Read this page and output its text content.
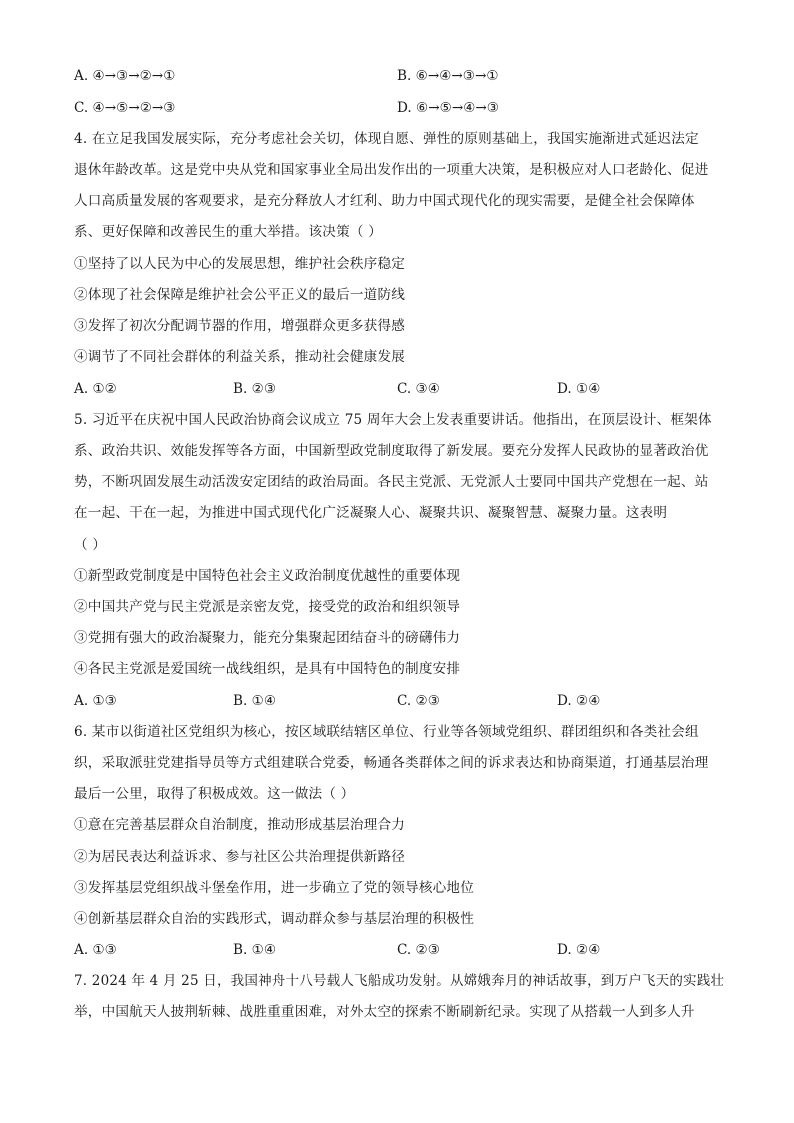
A. ④→③→②→①	B. ⑥→④→③→①
C. ④→⑤→②→③	D. ⑥→⑤→④→③
4. 在立足我国发展实际，充分考虑社会关切，体现自愿、弹性的原则基础上，我国实施渐进式延迟法定
退休年龄改革。这是党中央从党和国家事业全局出发作出的一项重大决策，是积极应对人口老龄化、促进
人口高质量发展的客观要求，是充分释放人才红利、助力中国式现代化的现实需要，是健全社会保障体
系、更好保障和改善民生的重大举措。该决策（ ）
①坚持了以人民为中心的发展思想，维护社会秩序稳定
②体现了社会保障是维护社会公平正义的最后一道防线
③发挥了初次分配调节器的作用，增强群众更多获得感
④调节了不同社会群体的利益关系，推动社会健康发展
A. ①②	B. ②③	C. ③④	D. ①④
5. 习近平在庆祝中国人民政治协商会议成立 75 周年大会上发表重要讲话。他指出，在顶层设计、框架体
系、政治共识、效能发挥等各方面，中国新型政党制度取得了新发展。要充分发挥人民政协的显著政治优
势，不断巩固发展生动活泼安定团结的政治局面。各民主党派、无党派人士要同中国共产党想在一起、站
在一起、干在一起，为推进中国式现代化广泛凝聚人心、凝聚共识、凝聚智慧、凝聚力量。这表明
（ ）
①新型政党制度是中国特色社会主义政治制度优越性的重要体现
②中国共产党与民主党派是亲密友党，接受党的政治和组织领导
③党拥有强大的政治凝聚力，能充分集聚起团结奋斗的磅礴伟力
④各民主党派是爱国统一战线组织，是具有中国特色的制度安排
A. ①③	B. ①④	C. ②③	D. ②④
6. 某市以街道社区党组织为核心，按区域联结辖区单位、行业等各领域党组织、群团组织和各类社会组
织，采取派驻党建指导员等方式组建联合党委，畅通各类群体之间的诉求表达和协商渠道，打通基层治理
最后一公里，取得了积极成效。这一做法（ ）
①意在完善基层群众自治制度，推动形成基层治理合力
②为居民表达利益诉求、参与社区公共治理提供新路径
③发挥基层党组织战斗堡垒作用，进一步确立了党的领导核心地位
④创新基层群众自治的实践形式，调动群众参与基层治理的积极性
A. ①③	B. ①④	C. ②③	D. ②④
7. 2024 年 4 月 25 日，我国神舟十八号载人飞船成功发射。从嫦娥奔月的神话故事，到万户飞天的实践壮
举，中国航天人披荆斩棘、战胜重重困难，对外太空的探索不断刷新纪录。实现了从搭载一人到多人升
